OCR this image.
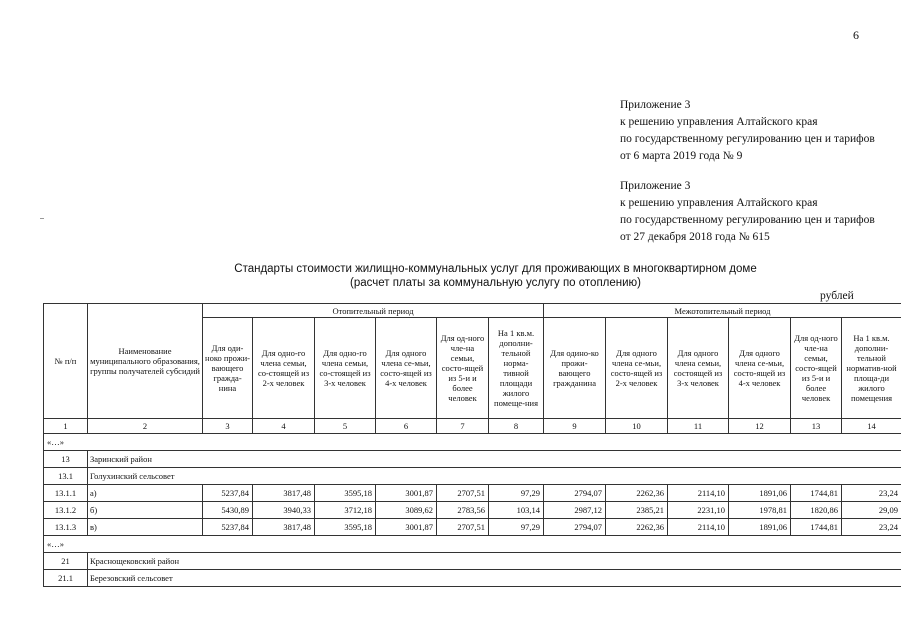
6
Приложение 3
к решению управления Алтайского края
по государственному регулированию цен и тарифов
от 6 марта 2019 года № 9
Приложение 3
к решению управления Алтайского края
по государственному регулированию цен и тарифов
от 27 декабря 2018 года № 615
Стандарты стоимости жилищно-коммунальных услуг для проживающих в многоквартирном доме
(расчет платы за коммунальную услугу по отоплению)
рублей
№ п/п	Наименование муниципального образования, группы получателей субсидий	Отопительный период						Межотопительный период					
		Для оди-ноко прожи-вающего гражда-нина	Для одно-го члена семьи, со-стоящей из 2-х человек	Для одно-го члена семьи, со-стоящей из 3-х человек	Для одного члена се-мьи, состо-ящей из 4-х человек	Для од-ного чле-на семьи, состо-ящей из 5-и и более человек	На 1 кв.м. дополни-тельной норма-тивной площади жилого помеще-ния	Для одино-ко прожи-вающего гражданина	Для одного члена се-мьи, состо-ящей из 2-х человек	Для одного члена семьи, состоящей из 3-х человек	Для одного члена се-мьи, состо-ящей из 4-х человек	Для од-ного чле-на семьи, состо-ящей из 5-и и более человек	На 1 кв.м. дополни-тельной норматив-ной площа-ди жилого помещения
1	2	3	4	5	6	7	8	9	10	11	12	13	14
«…»													
13	Заринский район												
13.1	Голухинский сельсовет												
13.1.1	а)	5237,84	3817,48	3595,18	3001,87	2707,51	97,29	2794,07	2262,36	2114,10	1891,06	1744,81	23,24
13.1.2	б)	5430,89	3940,33	3712,18	3089,62	2783,56	103,14	2987,12	2385,21	2231,10	1978,81	1820,86	29,09
13.1.3	в)	5237,84	3817,48	3595,18	3001,87	2707,51	97,29	2794,07	2262,36	2114,10	1891,06	1744,81	23,24
«…»													
21	Краснощековский район												
21.1	Березовский сельсовет												
